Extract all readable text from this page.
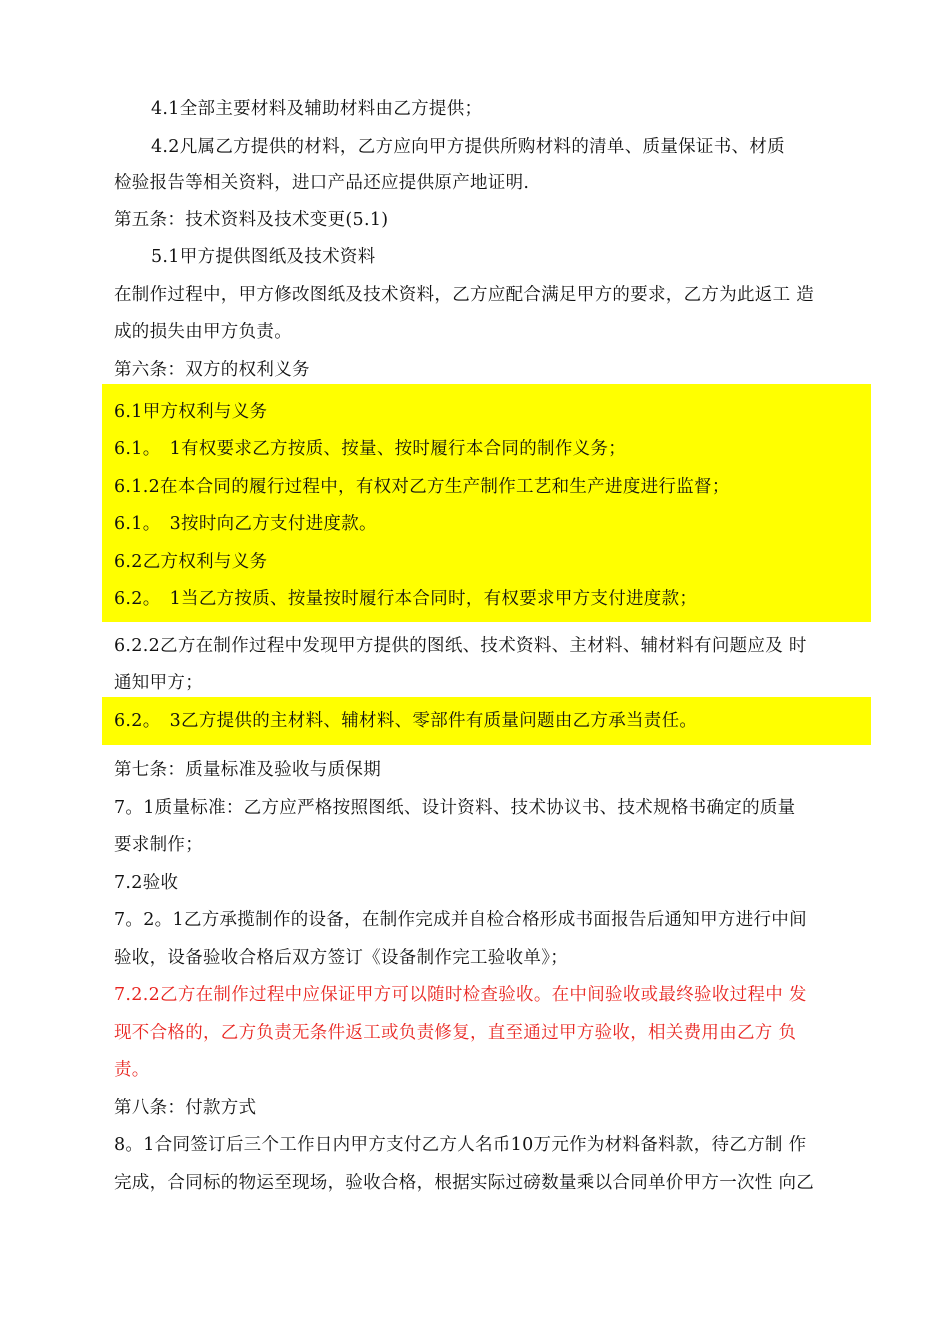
4.1全部主要材料及辅助材料由乙方提供；
4.2凡属乙方提供的材料，乙方应向甲方提供所购材料的清单、质量保证书、材质
检验报告等相关资料，进口产品还应提供原产地证明.
第五条：技术资料及技术变更(5.1)
5.1甲方提供图纸及技术资料
在制作过程中，甲方修改图纸及技术资料，乙方应配合满足甲方的要求，乙方为此返工 造
成的损失由甲方负责。
第六条：双方的权利义务
6.1甲方权利与义务
6.1。　1有权要求乙方按质、按量、按时履行本合同的制作义务；
6.1.2在本合同的履行过程中，有权对乙方生产制作工艺和生产进度进行监督；
6.1。　3按时向乙方支付进度款。
6.2乙方权利与义务
6.2。　1当乙方按质、按量按时履行本合同时，有权要求甲方支付进度款；
6.2.2乙方在制作过程中发现甲方提供的图纸、技术资料、主材料、辅材料有问题应及 时
通知甲方；
6.2。　3乙方提供的主材料、辅材料、零部件有质量问题由乙方承当责任。
第七条：质量标准及验收与质保期
7。1质量标准：乙方应严格按照图纸、设计资料、技术协议书、技术规格书确定的质量
要求制作；
7.2验收
7。2。1乙方承揽制作的设备，在制作完成并自检合格形成书面报告后通知甲方进行中间
验收，设备验收合格后双方签订《设备制作完工验收单》；
7.2.2乙方在制作过程中应保证甲方可以随时检查验收。在中间验收或最终验收过程中 发
现不合格的，乙方负责无条件返工或负责修复，直至通过甲方验收，相关费用由乙方 负
责。
第八条：付款方式
8。1合同签订后三个工作日内甲方支付乙方人名币10万元作为材料备料款，待乙方制 作
完成，合同标的物运至现场，验收合格，根据实际过磅数量乘以合同单价甲方一次性 向乙
